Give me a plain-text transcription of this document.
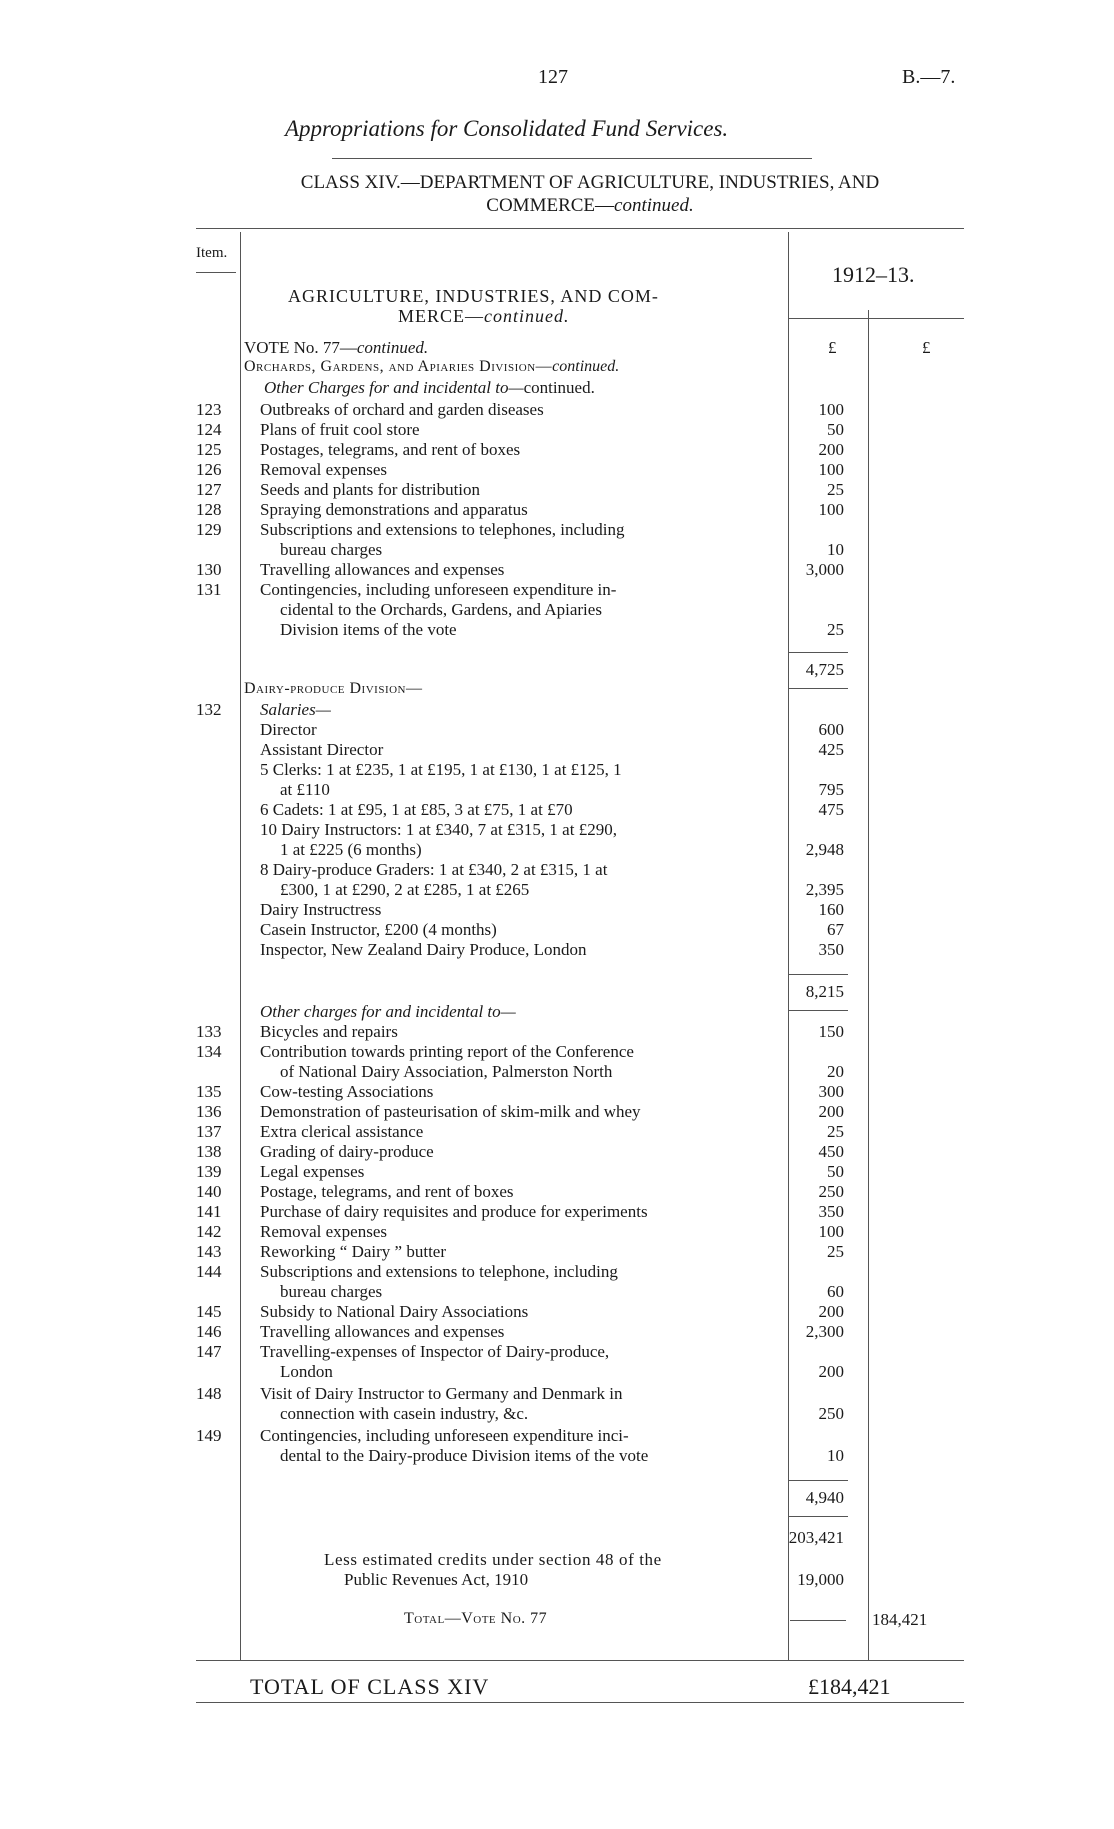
127	B.—7.
Appropriations for Consolidated Fund Services.
CLASS XIV.—DEPARTMENT OF AGRICULTURE, INDUSTRIES, AND
COMMERCE—continued.
Item.
1912–13.
£	£
AGRICULTURE, INDUSTRIES, AND COM-
MERCE—continued.
VOTE No. 77—continued.
Orchards, Gardens, and Apiaries Division—continued.
Other Charges for and incidental to—continued.
123	Outbreaks of orchard and garden diseases	100
124	Plans of fruit cool store	50
125	Postages, telegrams, and rent of boxes	200
126	Removal expenses	100
127	Seeds and plants for distribution	25
128	Spraying demonstrations and apparatus	100
129	Subscriptions and extensions to telephones, including
bureau charges	10
130	Travelling allowances and expenses	3,000
131	Contingencies, including unforeseen expenditure in-
cidental to the Orchards, Gardens, and Apiaries
Division items of the vote	25
4,725
Dairy-produce Division—
132	Salaries—
Director	600
Assistant Director	425
5 Clerks: 1 at £235, 1 at £195, 1 at £130, 1 at £125, 1
at £110	795
6 Cadets: 1 at £95, 1 at £85, 3 at £75, 1 at £70	475
10 Dairy Instructors: 1 at £340, 7 at £315, 1 at £290,
1 at £225 (6 months)	2,948
8 Dairy-produce Graders: 1 at £340, 2 at £315, 1 at
£300, 1 at £290, 2 at £285, 1 at £265	2,395
Dairy Instructress	160
Casein Instructor, £200 (4 months)	67
Inspector, New Zealand Dairy Produce, London	350
8,215
Other charges for and incidental to—
133	Bicycles and repairs	150
134	Contribution towards printing report of the Conference
of National Dairy Association, Palmerston North	20
135	Cow-testing Associations	300
136	Demonstration of pasteurisation of skim-milk and whey	200
137	Extra clerical assistance	25
138	Grading of dairy-produce	450
139	Legal expenses	50
140	Postage, telegrams, and rent of boxes	250
141	Purchase of dairy requisites and produce for experiments	350
142	Removal expenses	100
143	Reworking “ Dairy ” butter	25
144	Subscriptions and extensions to telephone, including
bureau charges	60
145	Subsidy to National Dairy Associations	200
146	Travelling allowances and expenses	2,300
147	Travelling-expenses of Inspector of Dairy-produce,
London	200
148	Visit of Dairy Instructor to Germany and Denmark in
connection with casein industry, &c.	250
149	Contingencies, including unforeseen expenditure inci-
dental to the Dairy-produce Division items of the vote	10
4,940
203,421
Less estimated credits under section 48 of the
Public Revenues Act, 1910	19,000
Total—Vote No. 77	184,421
TOTAL OF CLASS XIV	£184,421
